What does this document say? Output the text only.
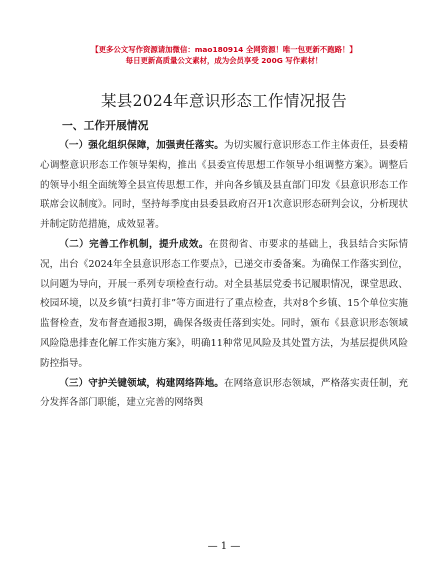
【更多公文写作资源请加微信：mao180914 全网资源！唯一包更新不跑路！】
每日更新高质量公文素材，成为会员享受 200G 写作素材！
某县2024年意识形态工作情况报告
一、工作开展情况

（一）强化组织保障，加强责任落实。为切实履行意识形态工作主体责任，县委精心调整意识形态工作领导架构，推出《县委宣传思想工作领导小组调整方案》。调整后的领导小组全面统筹全县宣传思想工作，并向各乡镇及县直部门印发《县意识形态工作联席会议制度》。同时，坚持每季度由县委县政府召开1次意识形态研判会议，分析现状并制定防范措施，成效显著。

（二）完善工作机制，提升成效。在贯彻省、市要求的基础上，我县结合实际情况，出台《2024年全县意识形态工作要点》，已递交市委备案。为确保工作落实到位，以问题为导向，开展一系列专项检查行动。对全县基层党委书记履职情况，课堂思政、校园环境，以及乡镇“扫黄打非”等方面进行了重点检查，共对8个乡镇、15个单位实施监督检查，发布督查通报3期，确保各级责任落到实处。同时，颁布《县意识形态领域风险隐患排查化解工作实施方案》，明确11种常见风险及其处置方法，为基层提供风险防控指导。

（三）守护关键领域，构建网络阵地。在网络意识形态领域，严格落实责任制，充分发挥各部门职能，建立完善的网络舆

— 1 —
